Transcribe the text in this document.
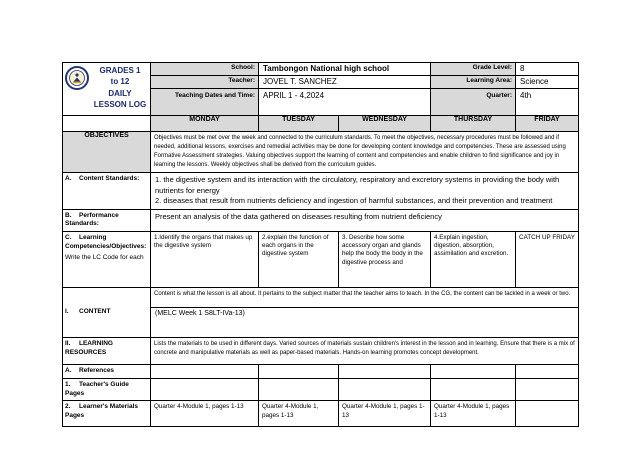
GRADES 1
to 12
DAILY
LESSON LOG	School:	Tambongon National high school		Grade Level:	8
	Teacher:	JOVEL T. SANCHEZ		Learning Area:	Science
	Teaching Dates and Time:	APRIL 1 - 4,2024		Quarter:	4th
	MONDAY	TUESDAY	WEDNESDAY	THURSDAY	FRIDAY
OBJECTIVES	Objectives must be met over the week and connected to the curriculum standards. To meet the objectives, necessary procedures must be followed and if needed, additional lessons, exercises and remedial activities may be done for developing content knowledge and competencies. These are assessed using Formative Assessment strategies. Valuing objectives support the learning of content and competencies and enable children to find significance and joy in learning the lessons. Weekly objectives shall be derived from the curriculum guides.				
A. Content Standards:	1. the digestive system and its interaction with the circulatory, respiratory and excretory systems in providing the body with nutrients for energy
2. diseases that result from nutrients deficiency and ingestion of harmful substances, and their prevention and treatment				

B. Performance Standards:	Present an analysis of the data gathered on diseases resulting from nutrient deficiency				
C. Learning Competencies/Objectives:
Write the LC Code for each	1.Identify the organs that makes up the digestive system	2.explain the function of each organs in the digestive system	3. Describe how some accessory organ and glands help the body the body in the digestive process and	4.Explain ingestion, digestion, absorption, assimilation and excretion.	CATCH UP FRIDAY
I. CONTENT	Content is what the lesson is all about. It pertains to the subject matter that the teacher aims to teach. In the CG, the content can be tackled in a week or two.				
	(MELC Week 1 S8LT-IVa-13)				
II. LEARNING RESOURCES	Lists the materials to be used in different days. Varied sources of materials sustain children's interest in the lesson and in learning. Ensure that there is a mix of concrete and manipulative materials as well as paper-based materials. Hands-on learning promotes concept development.				
A. References					
1. Teacher's Guide Pages					
2. Learner's Materials Pages	Quarter 4-Module 1, pages 1-13	Quarter 4-Module 1, pages 1-13	Quarter 4-Module 1, pages 1-13	Quarter 4-Module 1, pages 1-13	
